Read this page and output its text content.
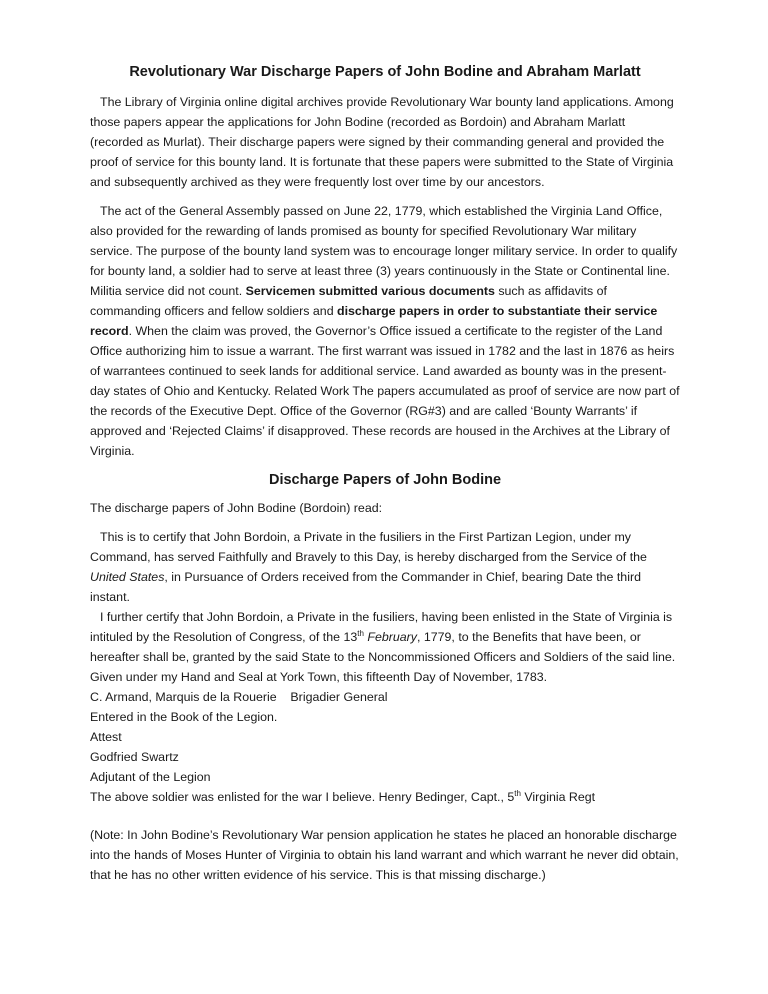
Revolutionary War Discharge Papers of John Bodine and Abraham Marlatt

The Library of Virginia online digital archives provide Revolutionary War bounty land applications. Among those papers appear the applications for John Bodine (recorded as Bordoin) and Abraham Marlatt (recorded as Murlat). Their discharge papers were signed by their commanding general and provided the proof of service for this bounty land. It is fortunate that these papers were submitted to the State of Virginia and subsequently archived as they were frequently lost over time by our ancestors.

The act of the General Assembly passed on June 22, 1779, which established the Virginia Land Office, also provided for the rewarding of lands promised as bounty for specified Revolutionary War military service. The purpose of the bounty land system was to encourage longer military service. In order to qualify for bounty land, a soldier had to serve at least three (3) years continuously in the State or Continental line. Militia service did not count. Servicemen submitted various documents such as affidavits of commanding officers and fellow soldiers and discharge papers in order to substantiate their service record. When the claim was proved, the Governor’s Office issued a certificate to the register of the Land Office authorizing him to issue a warrant. The first warrant was issued in 1782 and the last in 1876 as heirs of warrantees continued to seek lands for additional service. Land awarded as bounty was in the present-day states of Ohio and Kentucky. Related Work The papers accumulated as proof of service are now part of the records of the Executive Dept. Office of the Governor (RG#3) and are called ‘Bounty Warrants’ if approved and ‘Rejected Claims’ if disapproved. These records are housed in the Archives at the Library of Virginia.

Discharge Papers of John Bodine

The discharge papers of John Bodine (Bordoin) read:

This is to certify that John Bordoin, a Private in the fusiliers in the First Partizan Legion, under my Command, has served Faithfully and Bravely to this Day, is hereby discharged from the Service of the United States, in Pursuance of Orders received from the Commander in Chief, bearing Date the third instant.

I further certify that John Bordoin, a Private in the fusiliers, having been enlisted in the State of Virginia is intituled by the Resolution of Congress, of the 13th February, 1779, to the Benefits that have been, or hereafter shall be, granted by the said State to the Noncommissioned Officers and Soldiers of the said line.

Given under my Hand and Seal at York Town, this fifteenth Day of November, 1783.

C. Armand, Marquis de la Rouerie Brigadier General

Entered in the Book of the Legion.

Attest

Godfried Swartz

Adjutant of the Legion

The above soldier was enlisted for the war I believe. Henry Bedinger, Capt., 5th Virginia Regt

(Note: In John Bodine’s Revolutionary War pension application he states he placed an honorable discharge into the hands of Moses Hunter of Virginia to obtain his land warrant and which warrant he never did obtain, that he has no other written evidence of his service. This is that missing discharge.)
